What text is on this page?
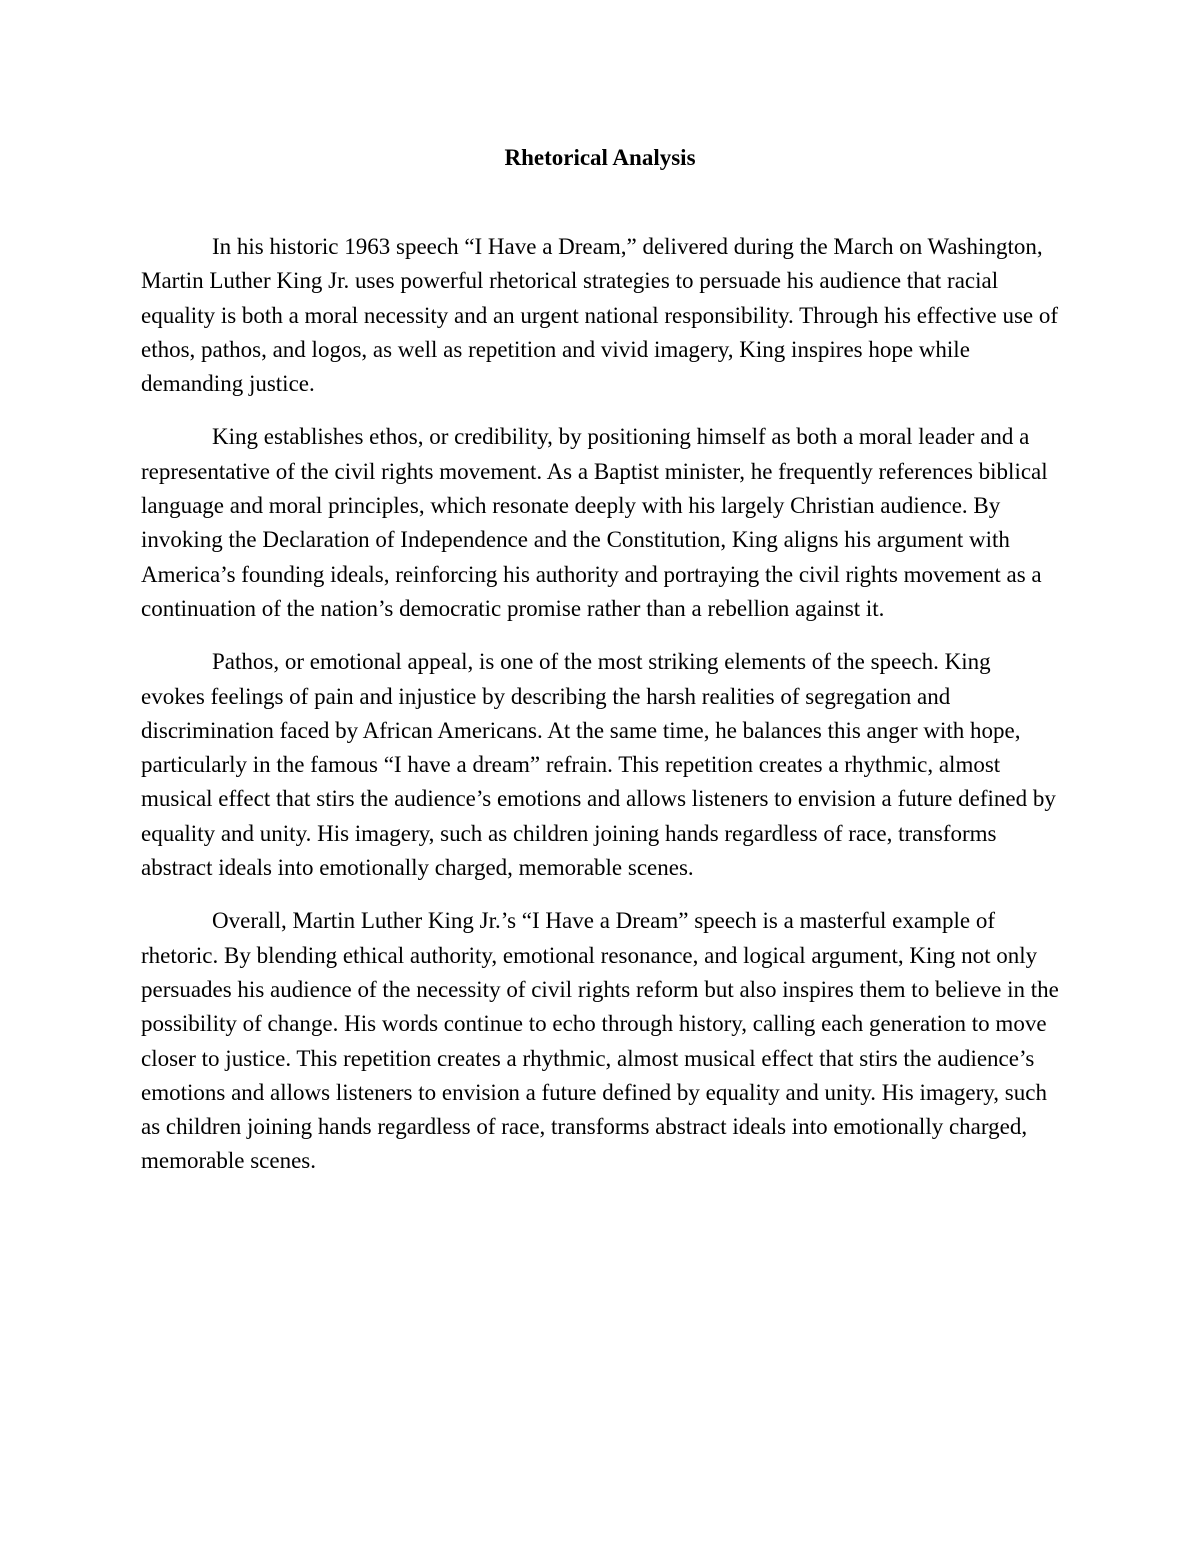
Rhetorical Analysis

In his historic 1963 speech “I Have a Dream,” delivered during the March on Washington, Martin Luther King Jr. uses powerful rhetorical strategies to persuade his audience that racial equality is both a moral necessity and an urgent national responsibility. Through his effective use of ethos, pathos, and logos, as well as repetition and vivid imagery, King inspires hope while demanding justice.

King establishes ethos, or credibility, by positioning himself as both a moral leader and a representative of the civil rights movement. As a Baptist minister, he frequently references biblical language and moral principles, which resonate deeply with his largely Christian audience. By invoking the Declaration of Independence and the Constitution, King aligns his argument with America’s founding ideals, reinforcing his authority and portraying the civil rights movement as a continuation of the nation’s democratic promise rather than a rebellion against it.

Pathos, or emotional appeal, is one of the most striking elements of the speech. King evokes feelings of pain and injustice by describing the harsh realities of segregation and discrimination faced by African Americans. At the same time, he balances this anger with hope, particularly in the famous “I have a dream” refrain. This repetition creates a rhythmic, almost musical effect that stirs the audience’s emotions and allows listeners to envision a future defined by equality and unity. His imagery, such as children joining hands regardless of race, transforms abstract ideals into emotionally charged, memorable scenes.

Overall, Martin Luther King Jr.’s “I Have a Dream” speech is a masterful example of rhetoric. By blending ethical authority, emotional resonance, and logical argument, King not only persuades his audience of the necessity of civil rights reform but also inspires them to believe in the possibility of change. His words continue to echo through history, calling each generation to move closer to justice. This repetition creates a rhythmic, almost musical effect that stirs the audience’s emotions and allows listeners to envision a future defined by equality and unity. His imagery, such as children joining hands regardless of race, transforms abstract ideals into emotionally charged, memorable scenes.
